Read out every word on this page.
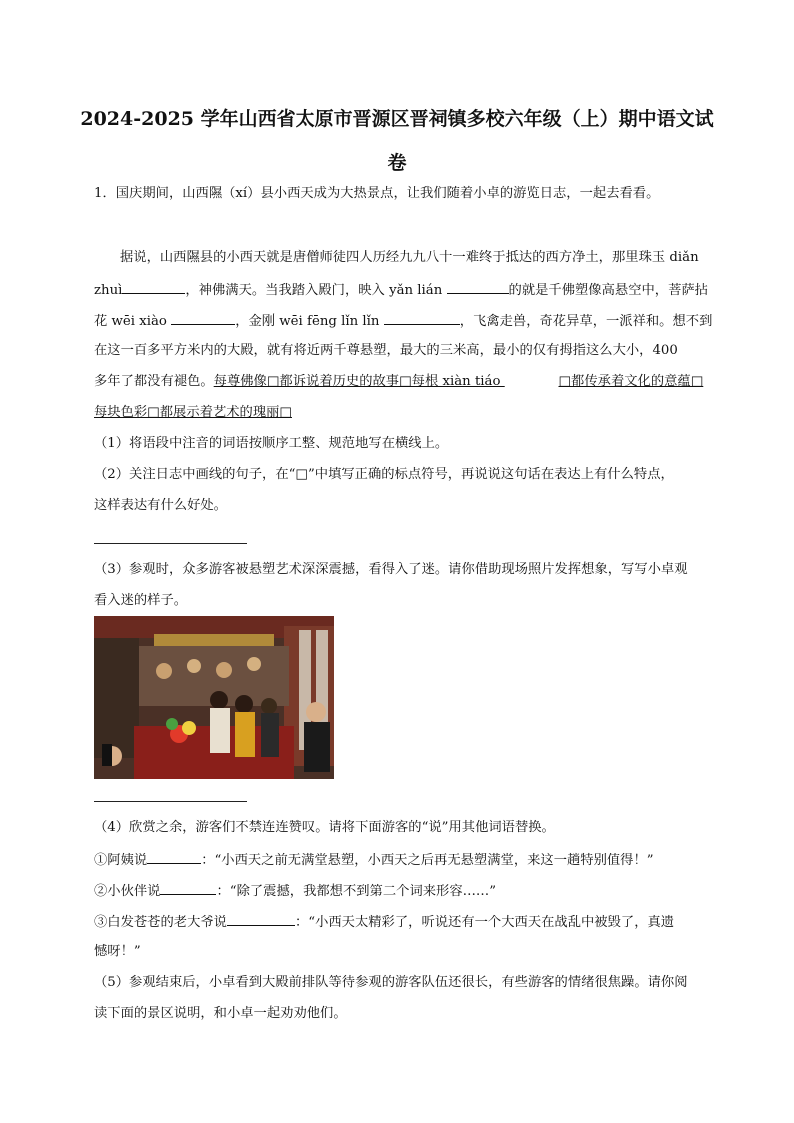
2024-2025 学年山西省太原市晋源区晋祠镇多校六年级（上）期中语文试
卷
1．国庆期间，山西隰（xí）县小西天成为大热景点，让我们随着小卓的游览日志，一起去看看。
据说，山西隰县的小西天就是唐僧师徒四人历经九九八十一难终于抵达的西方净土，那里珠玉 diǎn
zhuì	，神佛满天。当我踏入殿门，映入 yǎn lián	的就是千佛塑像高悬空中，菩萨拈
花 wēi xiào	，金刚 wēi fēng lǐn lǐn	，飞禽走兽，奇花异草，一派祥和。想不到
在这一百多平方米内的大殿，就有将近两千尊悬塑，最大的三米高，最小的仅有拇指这么大小，400
多年了都没有褪色。每尊佛像□都诉说着历史的故事□每根 xiàn tiáo	□都传承着文化的意蕴□
每块色彩□都展示着艺术的瑰丽□
（1）将语段中注音的词语按顺序工整、规范地写在横线上。
（2）关注日志中画线的句子，在“□”中填写正确的标点符号，再说说这句话在表达上有什么特点，
这样表达有什么好处。
（3）参观时，众多游客被悬塑艺术深深震撼，看得入了迷。请你借助现场照片发挥想象，写写小卓观
看入迷的样子。
（4）欣赏之余，游客们不禁连连赞叹。请将下面游客的“说”用其他词语替换。
①阿姨说	：“小西天之前无满堂悬塑，小西天之后再无悬塑满堂，来这一趟特别值得！”
②小伙伴说	：“除了震撼，我都想不到第二个词来形容……”
③白发苍苍的老大爷说	：“小西天太精彩了，听说还有一个大西天在战乱中被毁了，真遗
憾呀！”
（5）参观结束后，小卓看到大殿前排队等待参观的游客队伍还很长，有些游客的情绪很焦躁。请你阅
读下面的景区说明，和小卓一起劝劝他们。
